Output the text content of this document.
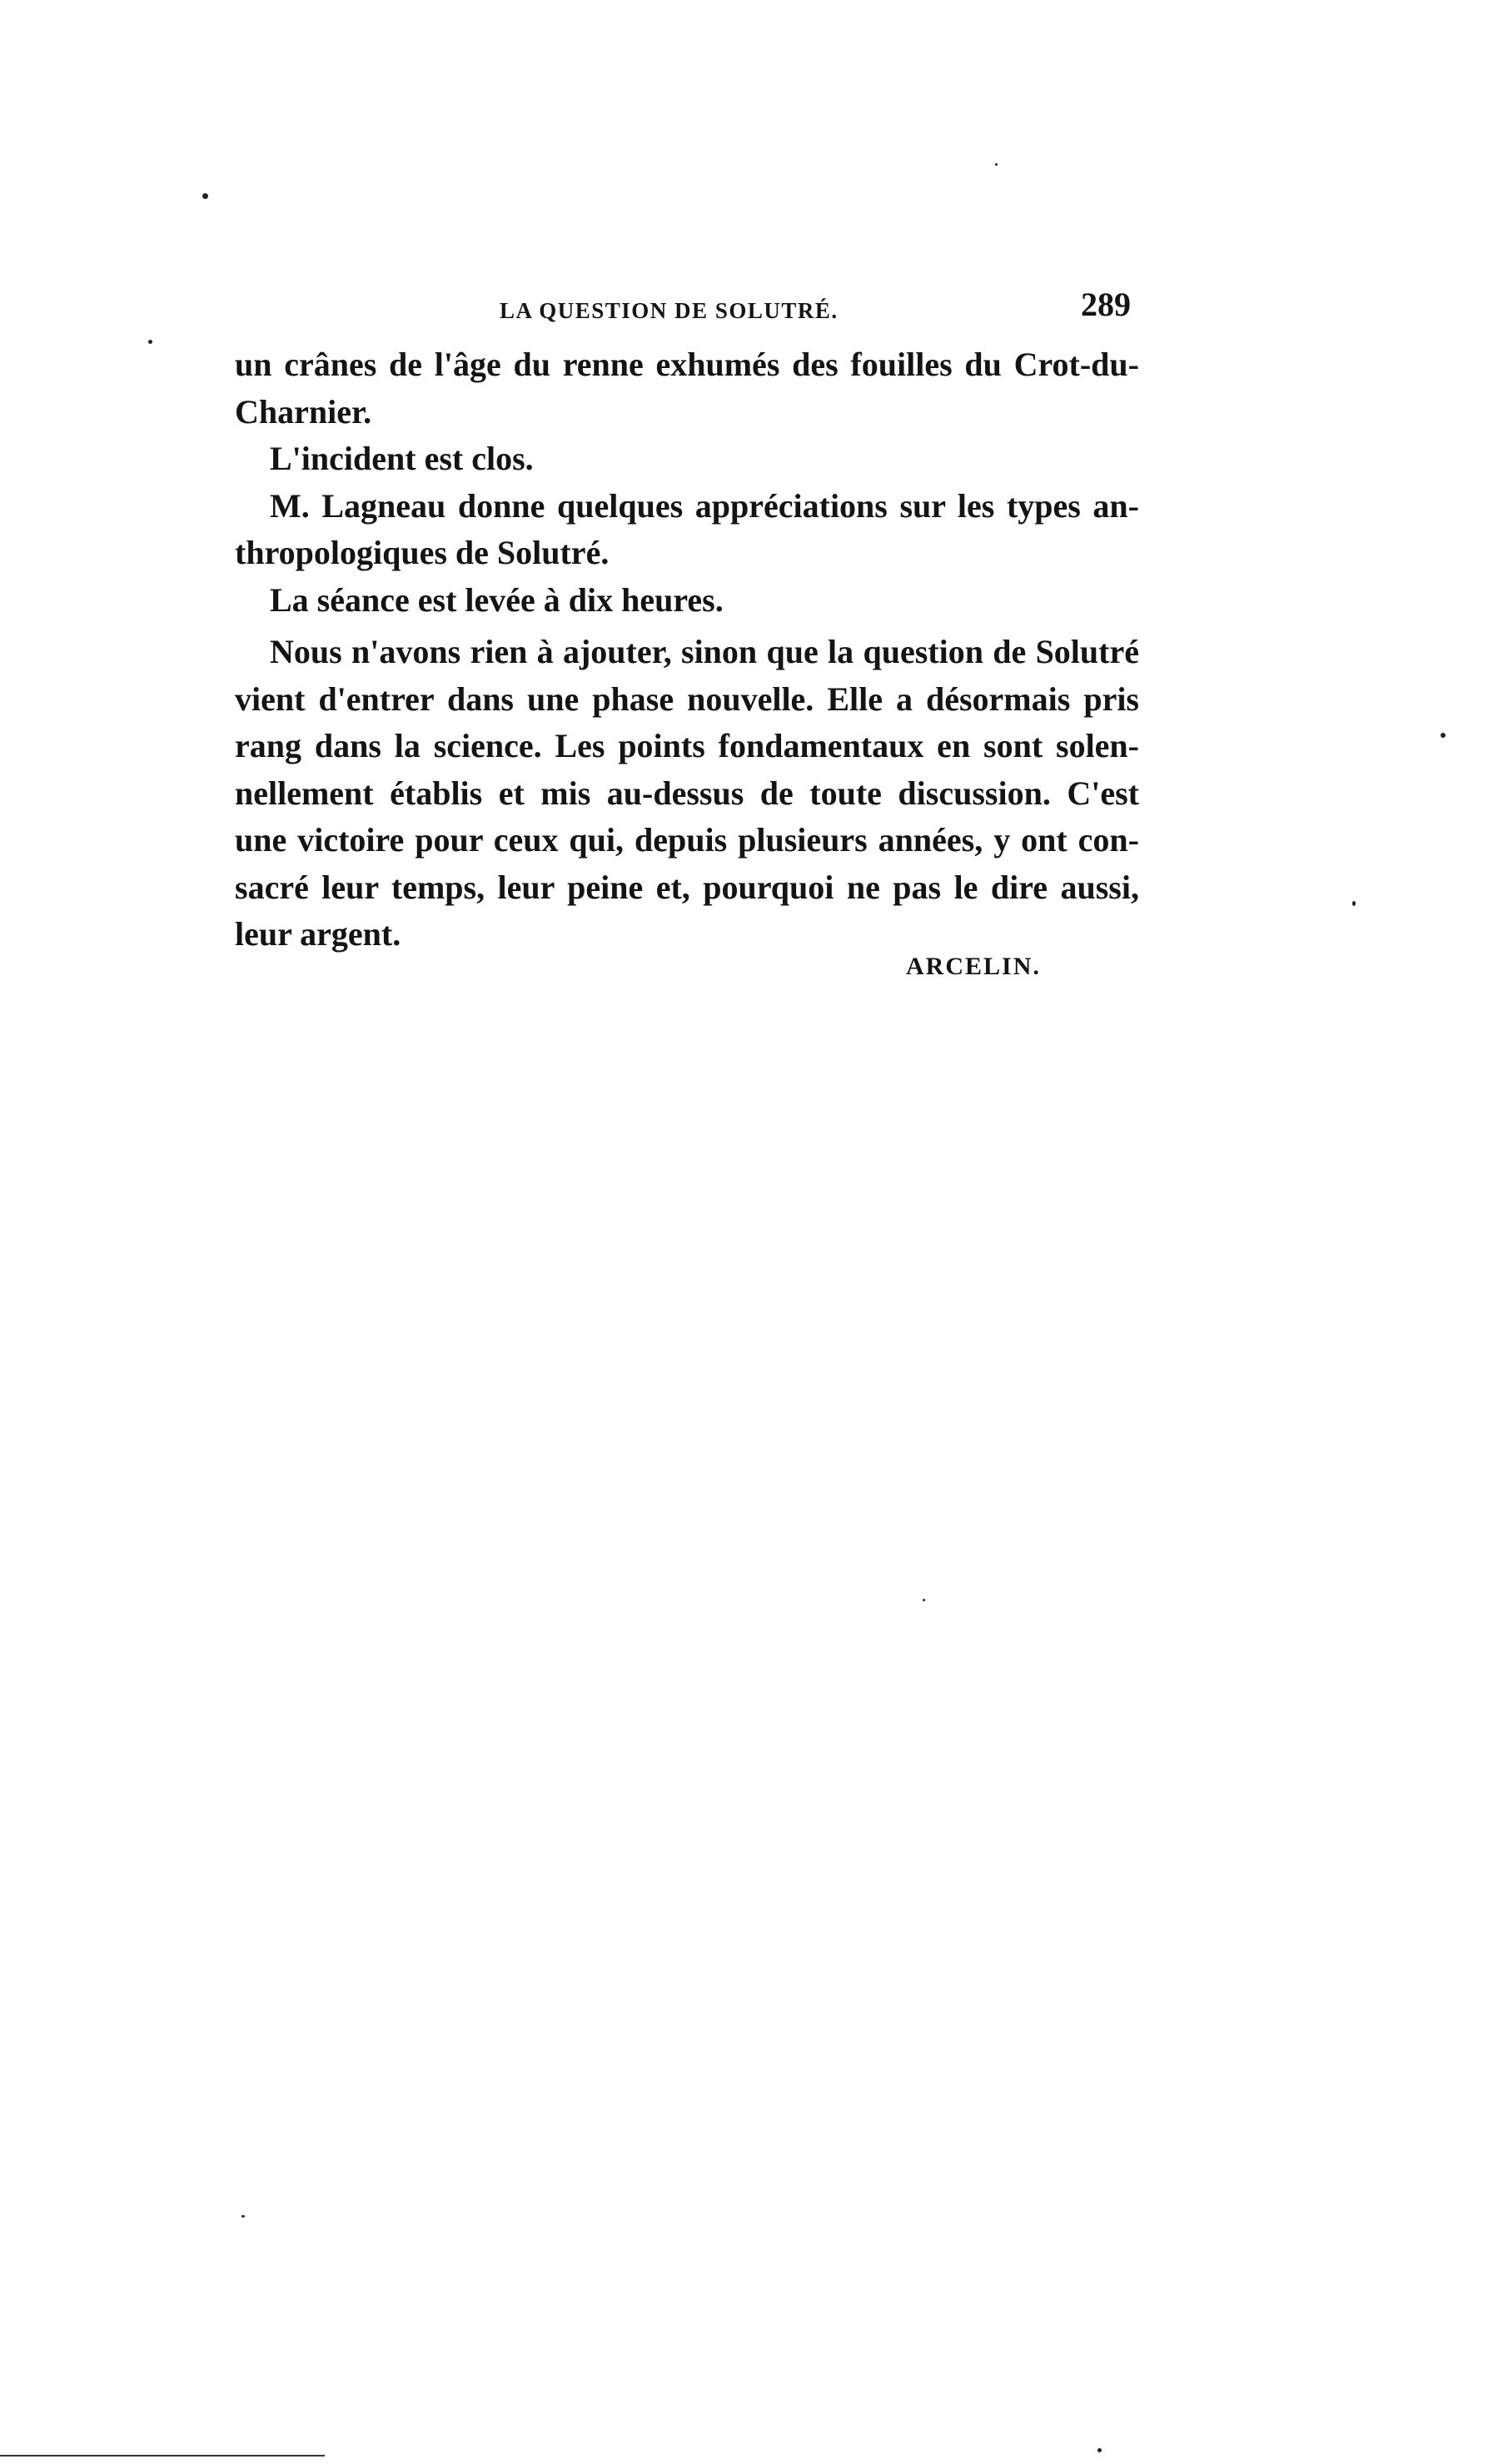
LA QUESTION DE SOLUTRÉ.	289
un crânes de l'âge du renne exhumés des fouilles du Crot-du-
Charnier.
L'incident est clos.
M. Lagneau donne quelques appréciations sur les types an-
thropologiques de Solutré.
La séance est levée à dix heures.
Nous n'avons rien à ajouter, sinon que la question de Solutré
vient d'entrer dans une phase nouvelle. Elle a désormais pris
rang dans la science. Les points fondamentaux en sont solen-
nellement établis et mis au-dessus de toute discussion. C'est
une victoire pour ceux qui, depuis plusieurs années, y ont con-
sacré leur temps, leur peine et, pourquoi ne pas le dire aussi,
leur argent.
ARCELIN.
